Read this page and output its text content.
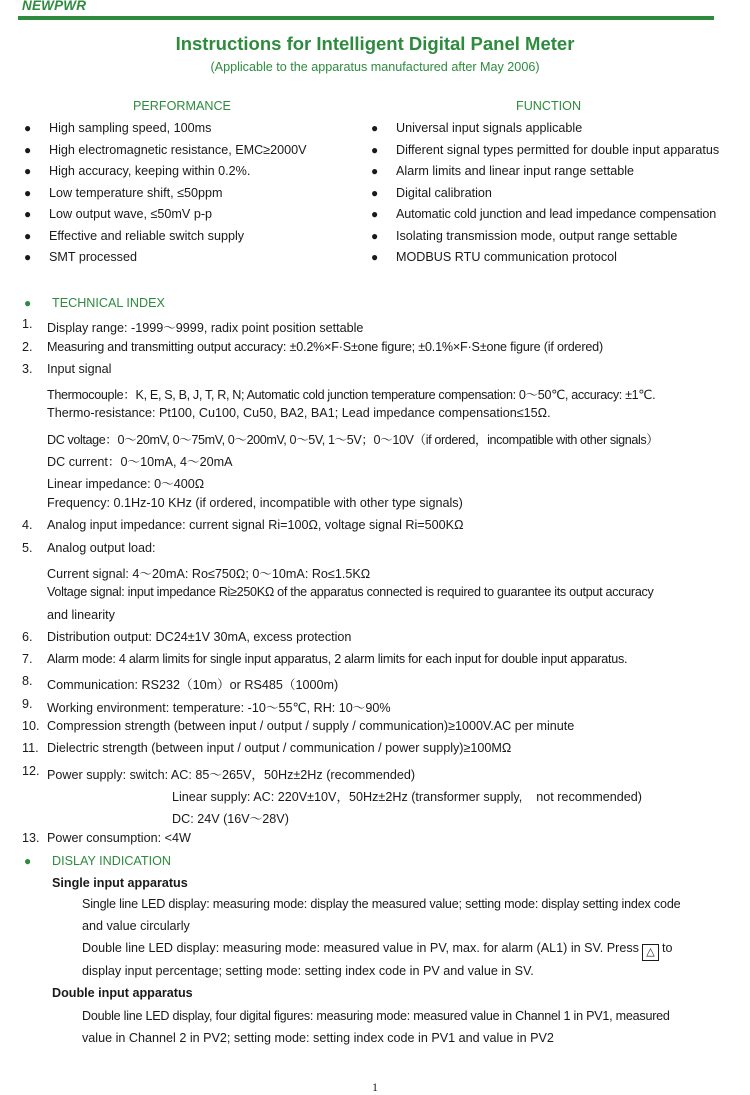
NEWPWR
Instructions for Intelligent Digital Panel Meter
(Applicable to the apparatus manufactured after May 2006)
PERFORMANCE	FUNCTION
● High sampling speed, 100ms
● High electromagnetic resistance, EMC≥2000V
● High accuracy, keeping within 0.2%.
● Low temperature shift, ≤50ppm
● Low output wave, ≤50mV p-p
● Effective and reliable switch supply
● SMT processed
● Universal input signals applicable
● Different signal types permitted for double input apparatus
● Alarm limits and linear input range settable
● Digital calibration
● Automatic cold junction and lead impedance compensation
● Isolating transmission mode, output range settable
● MODBUS RTU communication protocol
● TECHNICAL INDEX
1. Display range: -1999～9999, radix point position settable
2. Measuring and transmitting output accuracy: ±0.2%×F·S±one figure; ±0.1%×F·S±one figure (if ordered)
3. Input signal
Thermocouple：K, E, S, B, J, T, R, N; Automatic cold junction temperature compensation: 0～50℃, accuracy: ±1℃.
Thermo-resistance: Pt100, Cu100, Cu50, BA2, BA1; Lead impedance compensation≤15Ω.
DC voltage：0～20mV, 0～75mV, 0～200mV, 0～5V, 1～5V；0～10V（if ordered，incompatible with other signals）
DC current：0～10mA, 4～20mA
Linear impedance: 0～400Ω
Frequency: 0.1Hz-10 KHz (if ordered, incompatible with other type signals)
4. Analog input impedance: current signal Ri=100Ω, voltage signal Ri=500KΩ
5. Analog output load:
Current signal: 4～20mA: Ro≤750Ω; 0～10mA: Ro≤1.5KΩ
Voltage signal: input impedance Ri≥250KΩ of the apparatus connected is required to guarantee its output accuracy
and linearity
6. Distribution output: DC24±1V 30mA, excess protection
7. Alarm mode: 4 alarm limits for single input apparatus, 2 alarm limits for each input for double input apparatus.
8. Communication: RS232（10m）or RS485（1000m)
9. Working environment: temperature: -10～55℃, RH: 10～90%
10. Compression strength (between input / output / supply / communication)≥1000V.AC per minute
11. Dielectric strength (between input / output / communication / power supply)≥100MΩ
12. Power supply: switch: AC: 85～265V，50Hz±2Hz (recommended)
Linear supply: AC: 220V±10V，50Hz±2Hz (transformer supply,    not recommended)
DC: 24V (16V～28V)
13. Power consumption: <4W
● DISLAY INDICATION
Single input apparatus
Single line LED display: measuring mode: display the measured value; setting mode: display setting index code
and value circularly
Double line LED display: measuring mode: measured value in PV, max. for alarm (AL1) in SV. Press △ to
display input percentage; setting mode: setting index code in PV and value in SV.
Double input apparatus
Double line LED display, four digital figures: measuring mode: measured value in Channel 1 in PV1, measured
value in Channel 2 in PV2; setting mode: setting index code in PV1 and value in PV2
1
